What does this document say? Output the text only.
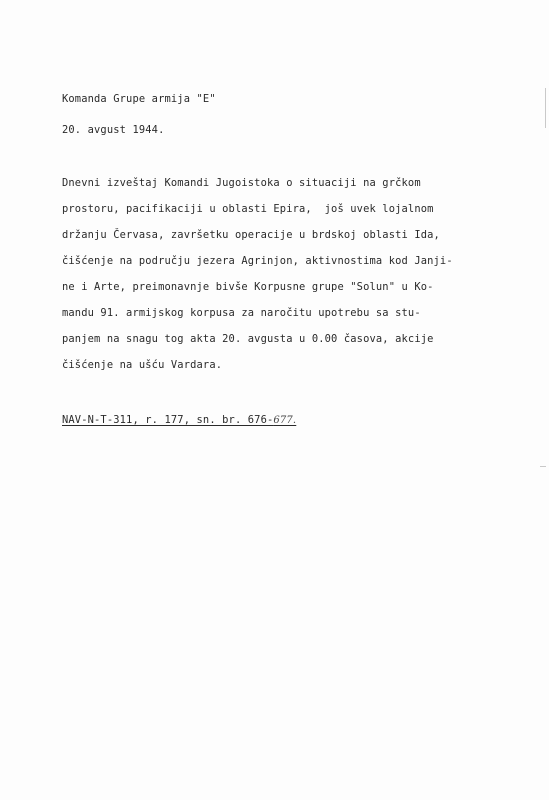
Komanda Grupe armija "E"
20. avgust 1944.
Dnevni izveštaj Komandi Jugoistoka o situaciji na grčkom
prostoru, pacifikaciji u oblasti Epira,  još uvek lojalnom
držanju Červasa, završetku operacije u brdskoj oblasti Ida,
čišćenje na području jezera Agrinjon, aktivnostima kod Janji-
ne i Arte, preimonavnje bivše Korpusne grupe "Solun" u Ko-
mandu 91. armijskog korpusa za naročitu upotrebu sa stu-
panjem na snagu tog akta 20. avgusta u 0.00 časova, akcije
čišćenje na ušću Vardara.
NAV-N-T-311, r. 177, sn. br. 676-677.
